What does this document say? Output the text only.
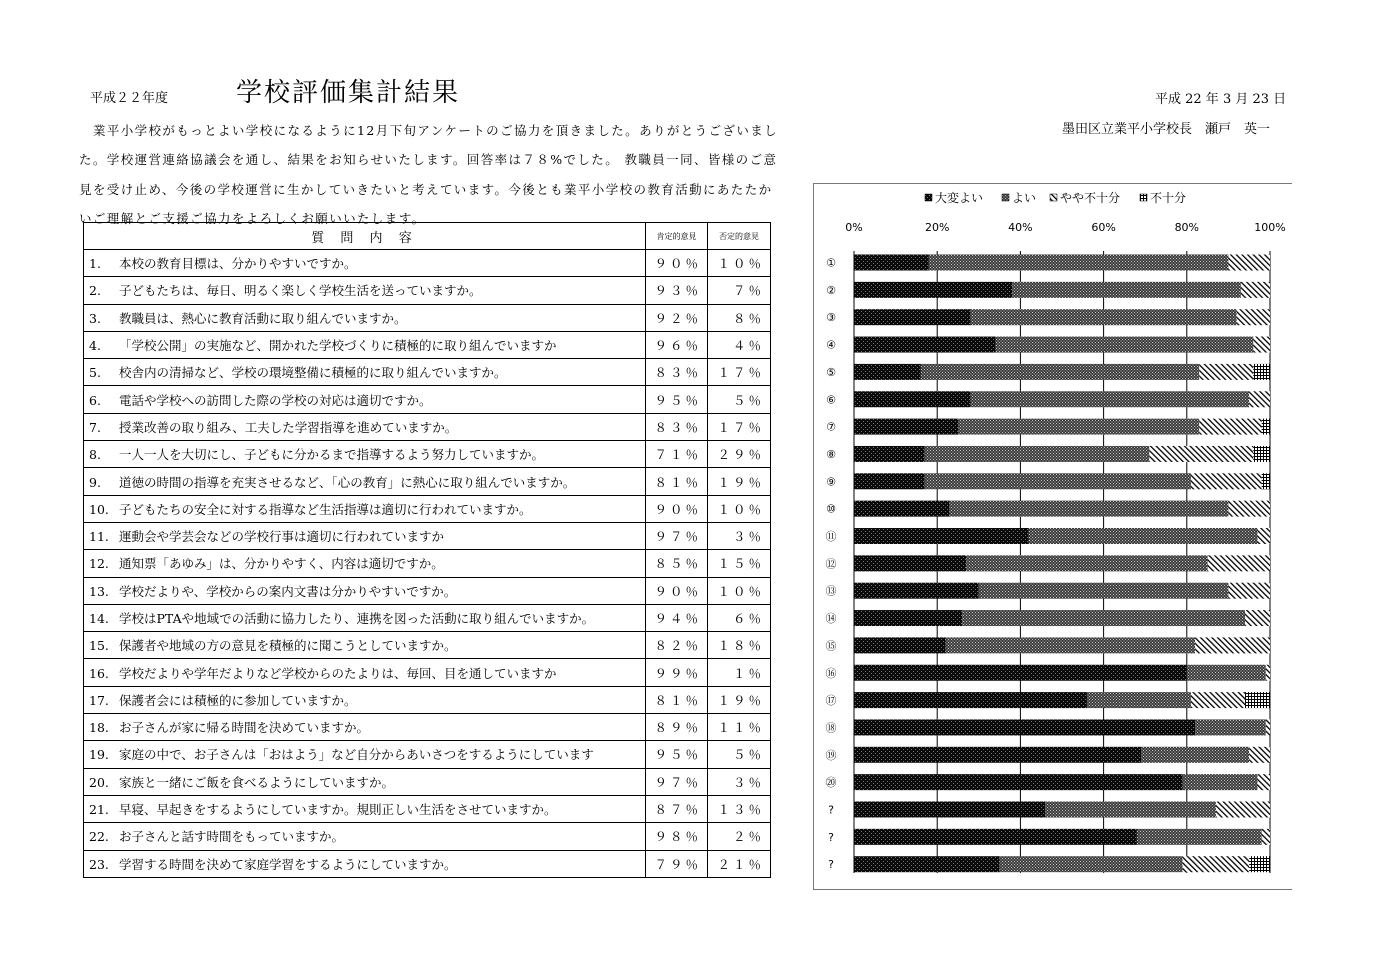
平成２２年度	学校評価集計結果	平成 22 年 3 月 23 日
墨田区立業平小学校長　瀬戸　英一
　業平小学校がもっとよい学校になるように12月下旬アンケートのご協力を頂きました。ありがとうございました。学校運営連絡協議会を通し、結果をお知らせいたします。回答率は７８%でした。 教職員一同、皆様のご意見を受け止め、今後の学校運営に生かしていきたいと考えています。今後とも業平小学校の教育活動にあたたかいご理解とご支援ご協力をよろしくお願いいたします。
質 問 内 容	肯定的意見	否定的意見
1. 本校の教育目標は、分かりやすいですか。	９０％	１０％
2. 子どもたちは、毎日、明るく楽しく学校生活を送っていますか。	９３％	７％
3. 教職員は、熱心に教育活動に取り組んでいますか。	９２％	８％
4. 「学校公開」の実施など、開かれた学校づくりに積極的に取り組んでいますか	９６％	４％
5. 校舎内の清掃など、学校の環境整備に積極的に取り組んでいますか。	８３％	１７％
6. 電話や学校への訪問した際の学校の対応は適切ですか。	９５％	５％
7. 授業改善の取り組み、工夫した学習指導を進めていますか。	８３％	１７％
8. 一人一人を大切にし、子どもに分かるまで指導するよう努力していますか。	７１％	２９％
9. 道徳の時間の指導を充実させるなど、「心の教育」に熱心に取り組んでいますか。	８１％	１９％
10. 子どもたちの安全に対する指導など生活指導は適切に行われていますか。	９０％	１０％
11. 運動会や学芸会などの学校行事は適切に行われていますか	９７％	３％
12. 通知票「あゆみ」は、分かりやすく、内容は適切ですか。	８５％	１５％
13. 学校だよりや、学校からの案内文書は分かりやすいですか。	９０％	１０％
14. 学校はPTAや地域での活動に協力したり、連携を図った活動に取り組んでいますか。	９４％	６％
15. 保護者や地域の方の意見を積極的に聞こうとしていますか。	８２％	１８％
16. 学校だよりや学年だよりなど学校からのたよりは、毎回、目を通していますか	９９％	１％
17. 保護者会には積極的に参加していますか。	８１％	１９％
18. お子さんが家に帰る時間を決めていますか。	８９％	１１％
19. 家庭の中で、お子さんは「おはよう」など自分からあいさつをするようにしています	９５％	５％
20. 家族と一緒にご飯を食べるようにしていますか。	９７％	３％
21. 早寝、早起きをするようにしていますか。規則正しい生活をさせていますか。	８７％	１３％
22. お子さんと話す時間をもっていますか。	９８％	２％
23. 学習する時間を決めて家庭学習をするようにしていますか。	７９％	２１％
大変よい よい やや不十分 不十分
0%	20%	40%	60%	80%	100%
①
②
③
④
⑤
⑥
⑦
⑧
⑨
⑩
⑪
⑫
⑬
⑭
⑮
⑯
⑰
⑱
⑲
⑳
?
?
?
